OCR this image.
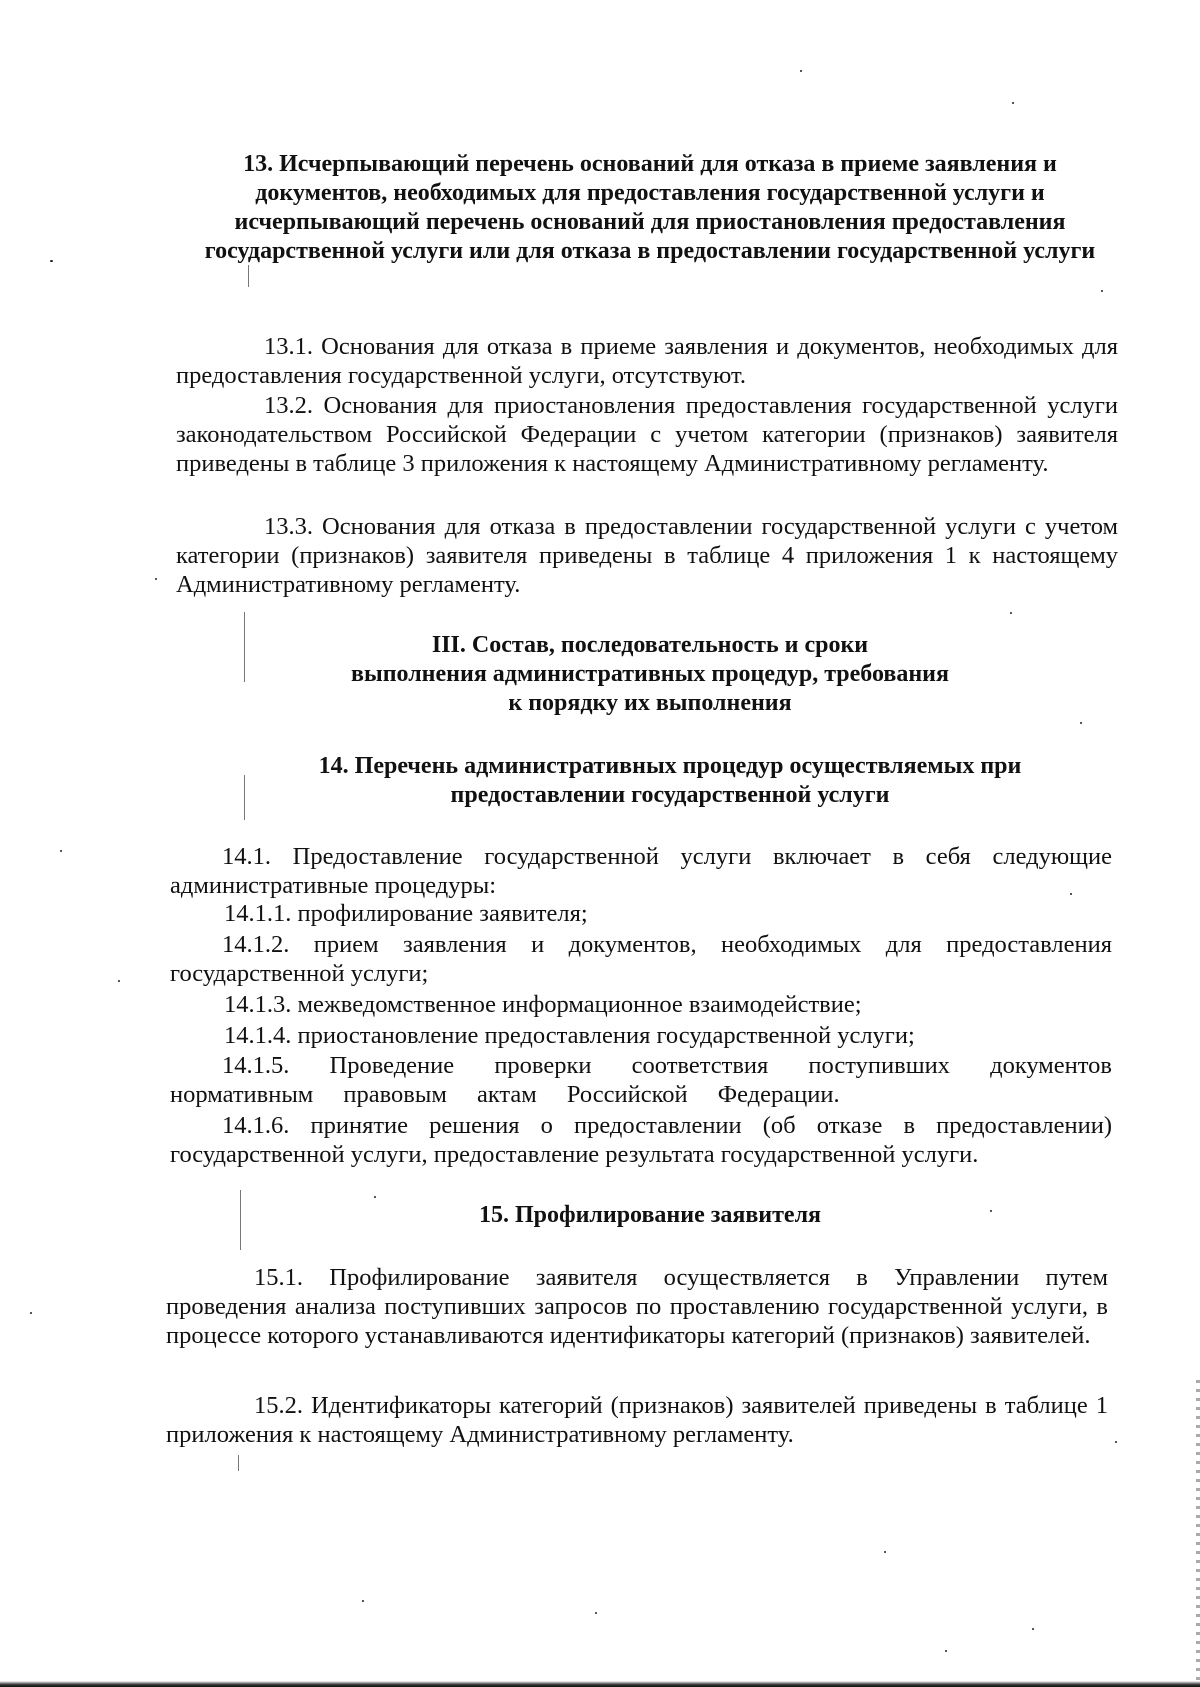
13. Исчерпывающий перечень оснований для отказа в приеме заявления и документов, необходимых для предоставления государственной услуги и исчерпывающий перечень оснований для приостановления предоставления государственной услуги или для отказа в предоставлении государственной услуги

13.1. Основания для отказа в приеме заявления и документов, необходимых для предоставления государственной услуги, отсутствуют.

13.2. Основания для приостановления предоставления государственной услуги законодательством Российской Федерации с учетом категории (признаков) заявителя приведены в таблице 3 приложения к настоящему Административному регламенту.

13.3. Основания для отказа в предоставлении государственной услуги с учетом категории (признаков) заявителя приведены в таблице 4 приложения 1 к настоящему Административному регламенту.

III. Состав, последовательность и сроки
выполнения административных процедур, требования
к порядку их выполнения
14. Перечень административных процедур осуществляемых при предоставлении государственной услуги

14.1. Предоставление государственной услуги включает в себя следующие административные процедуры:

14.1.1. профилирование заявителя;

14.1.2. прием заявления и документов, необходимых для предоставления государственной услуги;

14.1.3. межведомственное информационное взаимодействие;

14.1.4. приостановление предоставления государственной услуги;

14.1.5. Проведение проверки соответствия поступивших документов нормативным правовым актам Российской Федерации.

14.1.6. принятие решения о предоставлении (об отказе в предоставлении) государственной услуги, предоставление результата государственной услуги.

15. Профилирование заявителя

15.1. Профилирование заявителя осуществляется в Управлении путем проведения анализа поступивших запросов по проставлению государственной услуги, в процессе которого устанавливаются идентификаторы категорий (признаков) заявителей.

15.2. Идентификаторы категорий (признаков) заявителей приведены в таблице 1 приложения к настоящему Административному регламенту.
